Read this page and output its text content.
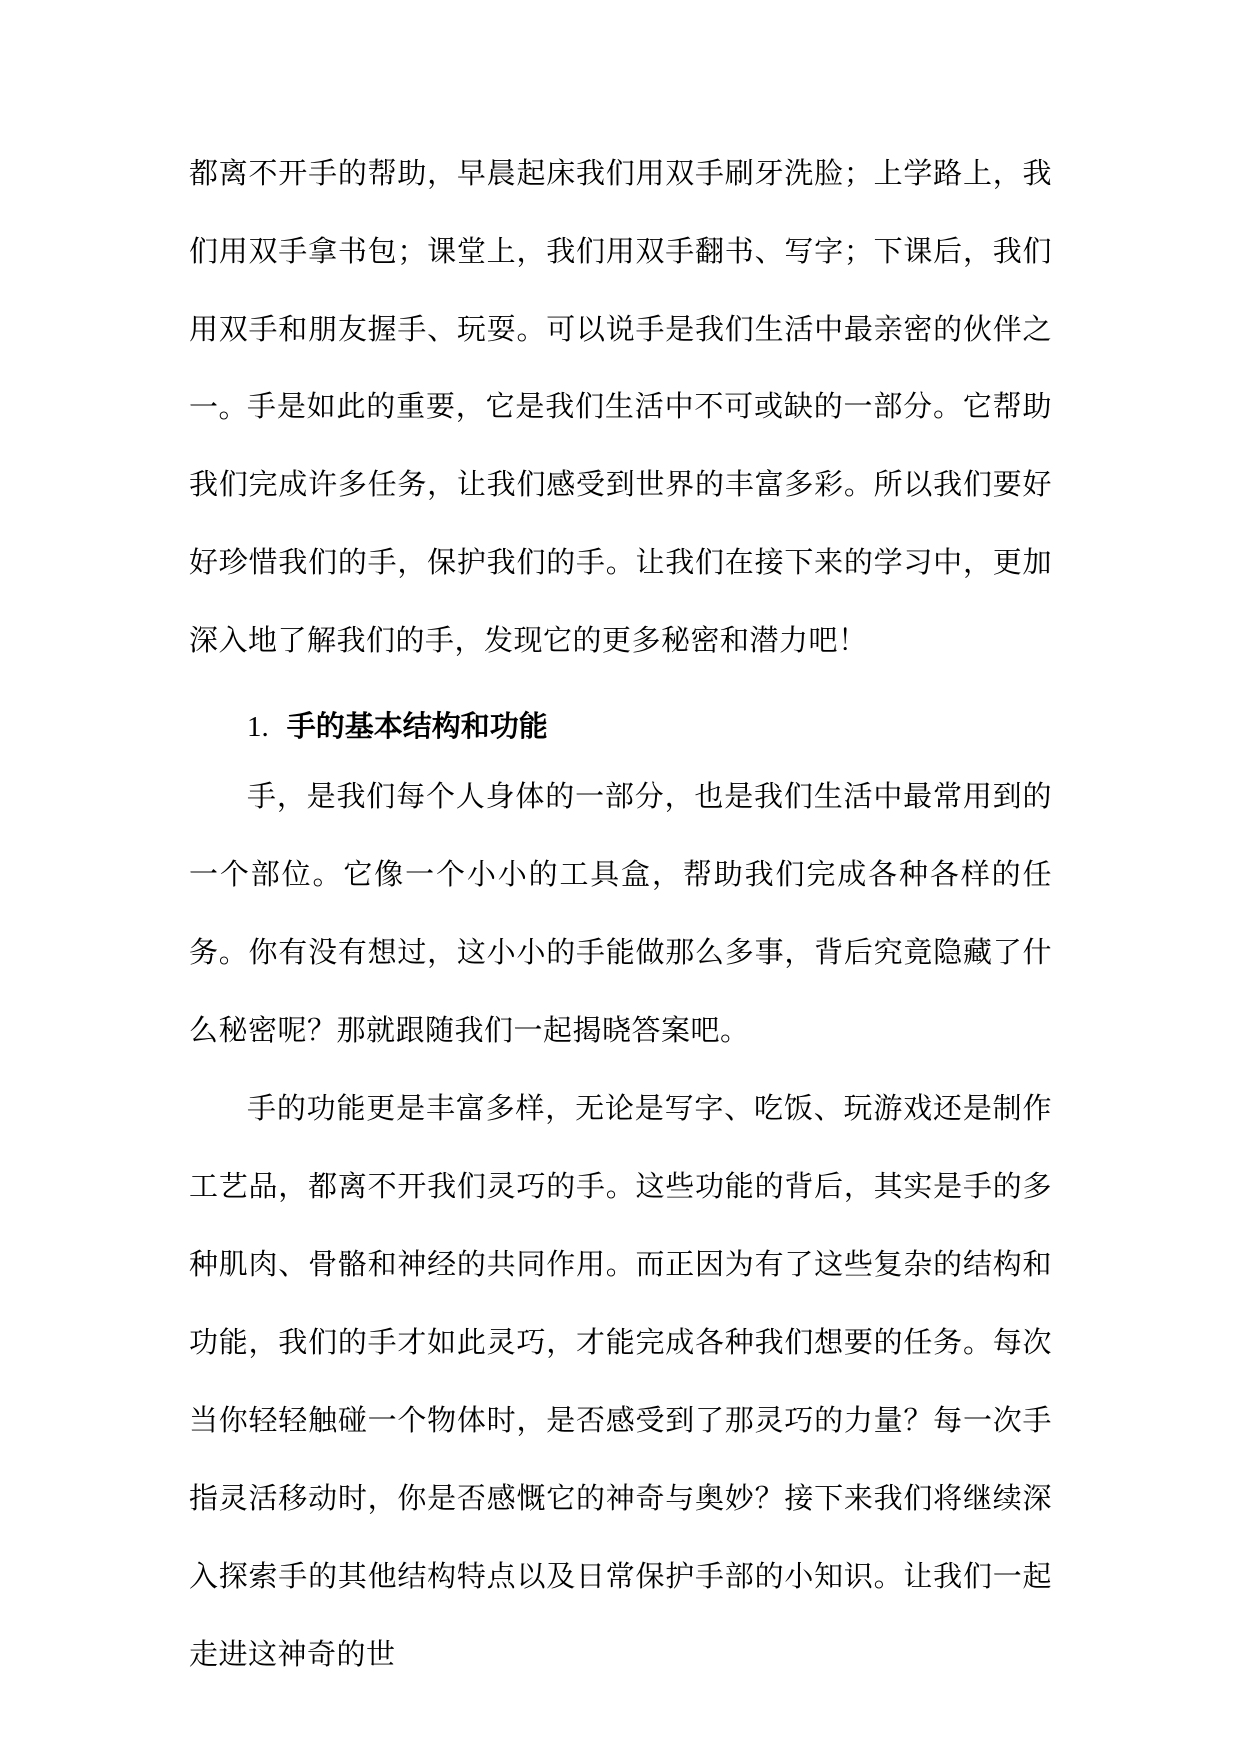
都离不开手的帮助，早晨起床我们用双手刷牙洗脸；上学路上，我们用双手拿书包；课堂上，我们用双手翻书、写字；下课后，我们用双手和朋友握手、玩耍。可以说手是我们生活中最亲密的伙伴之一。

手是如此的重要，它是我们生活中不可或缺的一部分。它帮助我们完成许多任务，让我们感受到世界的丰富多彩。所以我们要好好珍惜我们的手，保护我们的手。让我们在接下来的学习中，更加深入地了解我们的手，发现它的更多秘密和潜力吧！

1. 手的基本结构和功能

手，是我们每个人身体的一部分，也是我们生活中最常用到的一个部位。它像一个小小的工具盒，帮助我们完成各种各样的任务。你有没有想过，这小小的手能做那么多事，背后究竟隐藏了什么秘密呢？那就跟随我们一起揭晓答案吧。

手的功能更是丰富多样，无论是写字、吃饭、玩游戏还是制作工艺品，都离不开我们灵巧的手。这些功能的背后，其实是手的多种肌肉、骨骼和神经的共同作用。而正因为有了这些复杂的结构和功能，我们的手才如此灵巧，才能完成各种我们想要的任务。每次当你轻轻触碰一个物体时，是否感受到了那灵巧的力量？每一次手指灵活移动时，你是否感慨它的神奇与奥妙？接下来我们将继续深入探索手的其他结构特点以及日常保护手部的小知识。让我们一起走进这神奇的世
